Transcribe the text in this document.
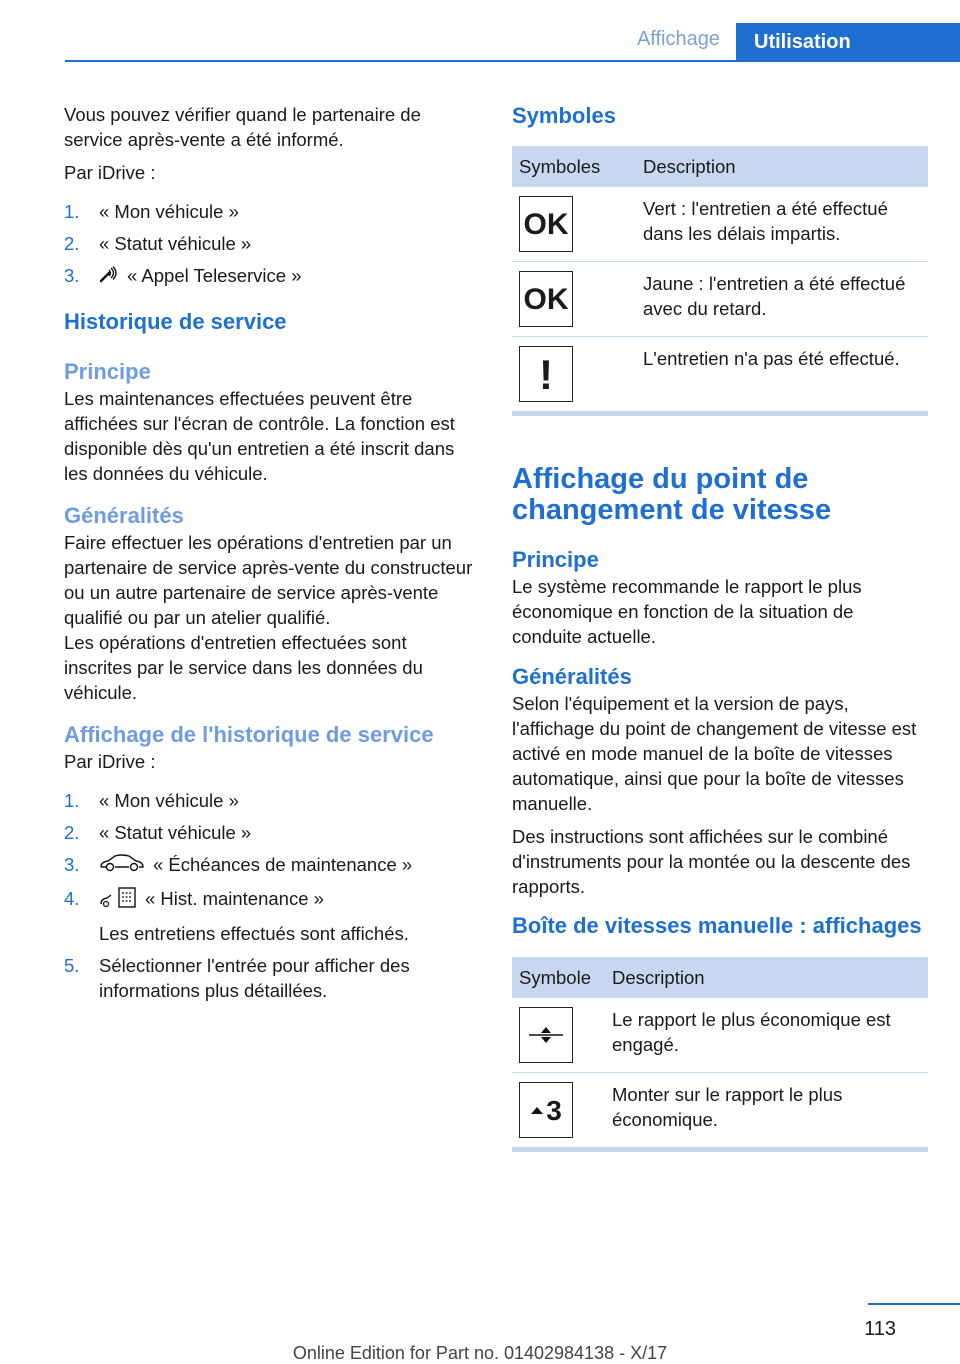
Affichage	Utilisation

Vous pouvez vérifier quand le partenaire de service après-vente a été informé.

Par iDrive :

1. « Mon véhicule »
2. « Statut véhicule »
3.	« Appel Teleservice »
Historique de service
Principe

Les maintenances effectuées peuvent être affichées sur l'écran de contrôle. La fonction est disponible dès qu'un entretien a été inscrit dans les données du véhicule.

Généralités

Faire effectuer les opérations d'entretien par un partenaire de service après-vente du constructeur ou un autre partenaire de service après-vente qualifié ou par un atelier qualifié.

Les opérations d'entretien effectuées sont inscrites par le service dans les données du véhicule.

Affichage de l'historique de service

Par iDrive :

1. « Mon véhicule »
2. « Statut véhicule »
3.	« Échéances de maintenance »
4.	« Hist. maintenance »
Les entretiens effectués sont affichés.
5. Sélectionner l'entrée pour afficher des informations plus détaillées.
Symboles
Symboles	Description

OK	Vert : l'entretien a été effectué dans les délais impartis.

OK	Jaune : l'entretien a été effectué avec du retard.

!	L'entretien n'a pas été effectué.
Affichage du point de changement de vitesse
Principe

Le système recommande le rapport le plus économique en fonction de la situation de conduite actuelle.

Généralités

Selon l'équipement et la version de pays, l'affichage du point de changement de vitesse est activé en mode manuel de la boîte de vitesses automatique, ainsi que pour la boîte de vitesses manuelle.

Des instructions sont affichées sur le combiné d'instruments pour la montée ou la descente des rapports.

Boîte de vitesses manuelle : affichages
Symbole	Description

	Le rapport le plus économique est engagé.

3	Monter sur le rapport le plus économique.
113
Online Edition for Part no. 01402984138 - X/17
